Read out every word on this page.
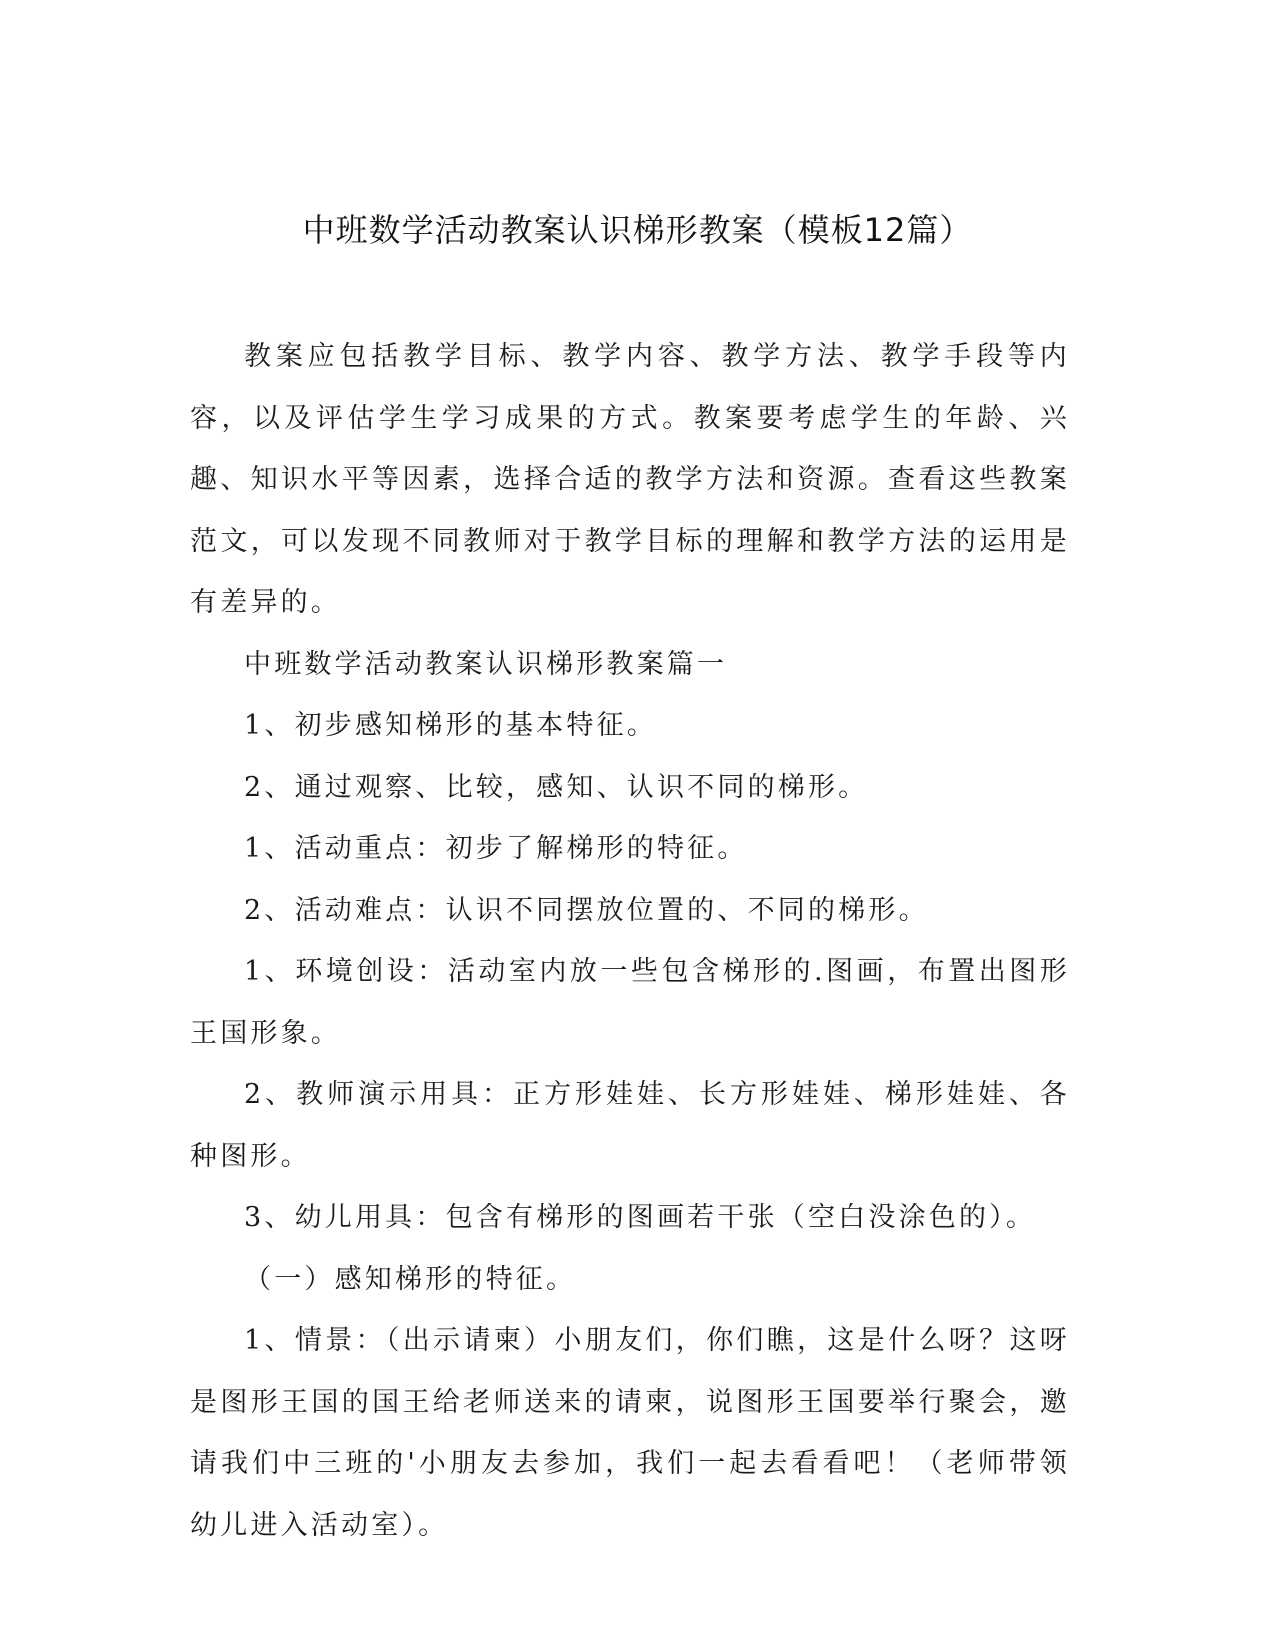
中班数学活动教案认识梯形教案（模板12篇）

教案应包括教学目标、教学内容、教学方法、教学手段等内容，以及评估学生学习成果的方式。教案要考虑学生的年龄、兴趣、知识水平等因素，选择合适的教学方法和资源。查看这些教案范文，可以发现不同教师对于教学目标的理解和教学方法的运用是有差异的。

中班数学活动教案认识梯形教案篇一

1、初步感知梯形的基本特征。

2、通过观察、比较，感知、认识不同的梯形。

1、活动重点：初步了解梯形的特征。

2、活动难点：认识不同摆放位置的、不同的梯形。

1、环境创设：活动室内放一些包含梯形的.图画，布置出图形王国形象。

2、教师演示用具：正方形娃娃、长方形娃娃、梯形娃娃、各种图形。

3、幼儿用具：包含有梯形的图画若干张（空白没涂色的）。

（一）感知梯形的特征。

1、情景：（出示请柬）小朋友们，你们瞧，这是什么呀？这呀是图形王国的国王给老师送来的请柬，说图形王国要举行聚会，邀请我们中三班的'小朋友去参加，我们一起去看看吧！（老师带领幼儿进入活动室）。
